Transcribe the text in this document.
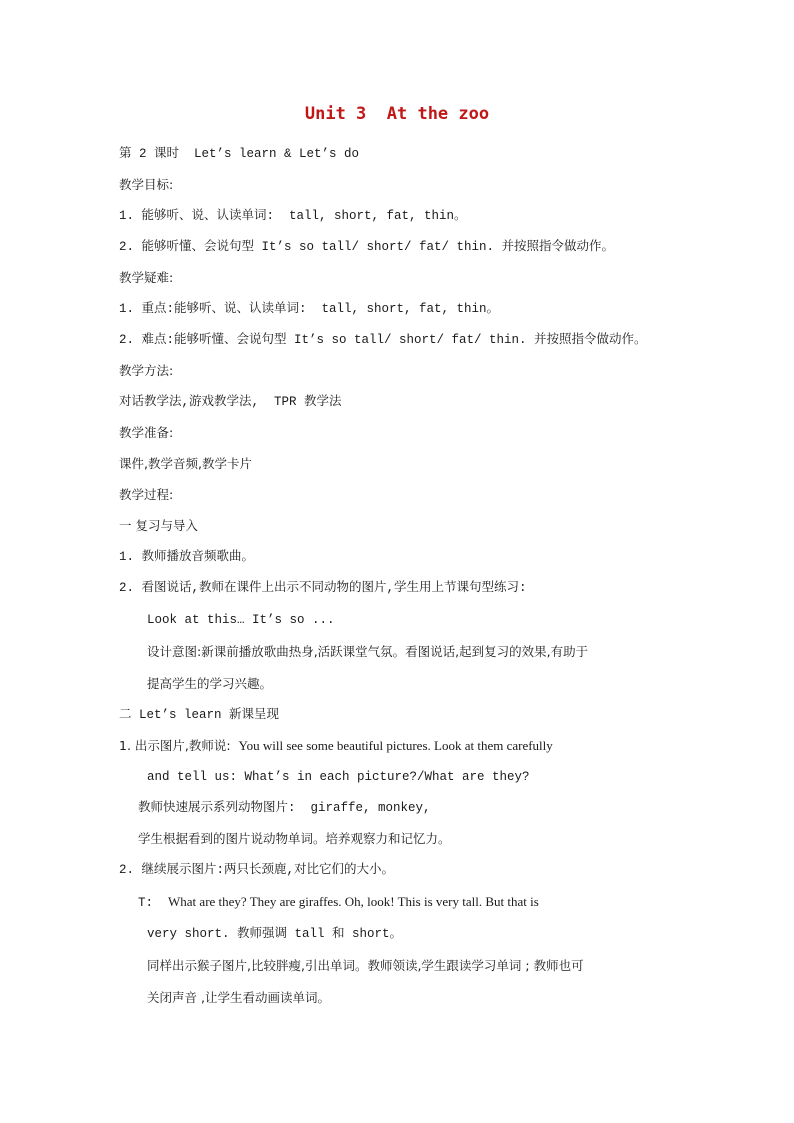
Unit 3  At the zoo
第 2 课时  Let’s learn & Let’s do
教学目标:
1. 能够听、说、认读单词:  tall, short, fat, thin。
2. 能够听懂、会说句型 It’s so tall/ short/ fat/ thin. 并按照指令做动作。
教学疑难:
1. 重点:能够听、说、认读单词:  tall, short, fat, thin。
2. 难点:能够听懂、会说句型 It’s so tall/ short/ fat/ thin. 并按照指令做动作。
教学方法:
对话教学法,游戏教学法,  TPR 教学法
教学准备:
课件,教学音频,教学卡片
教学过程:
一 复习与导入
1. 教师播放音频歌曲。
2. 看图说话,教师在课件上出示不同动物的图片,学生用上节课句型练习:
Look at this… It’s so ...
设计意图:新课前播放歌曲热身,活跃课堂气氛。看图说话,起到复习的效果,有助于
提高学生的学习兴趣。
二 Let’s learn 新课呈现
1. 出示图片,教师说:  You will see some beautiful pictures. Look at them carefully
and tell us: What’s in each picture?/What are they?
教师快速展示系列动物图片:  giraffe, monkey,
学生根据看到的图片说动物单词。培养观察力和记忆力。
2. 继续展示图片:两只长颈鹿,对比它们的大小。
T:  What are they? They are giraffes. Oh, look! This is very tall. But that is
very short. 教师强调 tall 和 short。
同样出示猴子图片,比较胖瘦,引出单词。教师领读,学生跟读学习单词 ; 教师也可
关闭声音 ,让学生看动画读单词。
